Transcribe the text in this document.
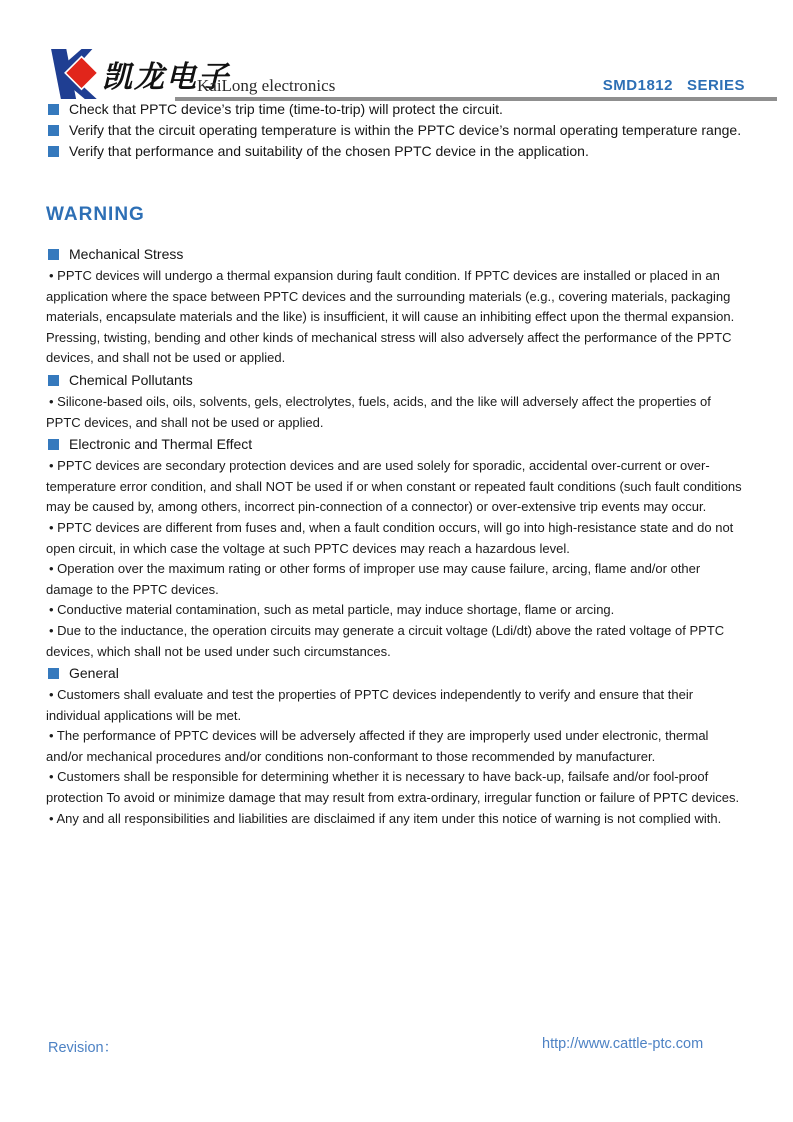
凯龙电子
KaiLong electronics	SMD1812   SERIES
Check that PPTC device’s trip time (time-to-trip) will protect the circuit.
Verify that the circuit operating temperature is within the PPTC device’s normal operating temperature range.
Verify that performance and suitability of the chosen PPTC device in the application.
WARNING
Mechanical Stress

• PPTC devices will undergo a thermal expansion during fault condition. If PPTC devices are installed or placed in an application where the space between PPTC devices and the surrounding materials (e.g., covering materials, packaging materials, encapsulate materials and the like) is insufficient, it will cause an inhibiting effect upon the thermal expansion. Pressing, twisting, bending and other kinds of mechanical stress will also adversely affect the performance of the PPTC devices, and shall not be used or applied.

Chemical Pollutants

• Silicone-based oils, oils, solvents, gels, electrolytes, fuels, acids, and the like will adversely affect the properties of PPTC devices, and shall not be used or applied.

Electronic and Thermal Effect

• PPTC devices are secondary protection devices and are used solely for sporadic, accidental over-current or over-temperature error condition, and shall NOT be used if or when constant or repeated fault conditions (such fault conditions may be caused by, among others, incorrect pin-connection of a connector) or over-extensive trip events may occur.

• PPTC devices are different from fuses and, when a fault condition occurs, will go into high-resistance state and do not open circuit, in which case the voltage at such PPTC devices may reach a hazardous level.

• Operation over the maximum rating or other forms of improper use may cause failure, arcing, flame and/or other damage to the PPTC devices.

• Conductive material contamination, such as metal particle, may induce shortage, flame or arcing.

• Due to the inductance, the operation circuits may generate a circuit voltage (Ldi/dt) above the rated voltage of PPTC devices, which shall not be used under such circumstances.

General

• Customers shall evaluate and test the properties of PPTC devices independently to verify and ensure that their individual applications will be met.

• The performance of PPTC devices will be adversely affected if they are improperly used under electronic, thermal and/or mechanical procedures and/or conditions non-conformant to those recommended by manufacturer.

• Customers shall be responsible for determining whether it is necessary to have back-up, failsafe and/or fool-proof protection To avoid or minimize damage that may result from extra-ordinary, irregular function or failure of PPTC devices.

• Any and all responsibilities and liabilities are disclaimed if any item under this notice of warning is not complied with.

Revision：	http://www.cattle-ptc.com
